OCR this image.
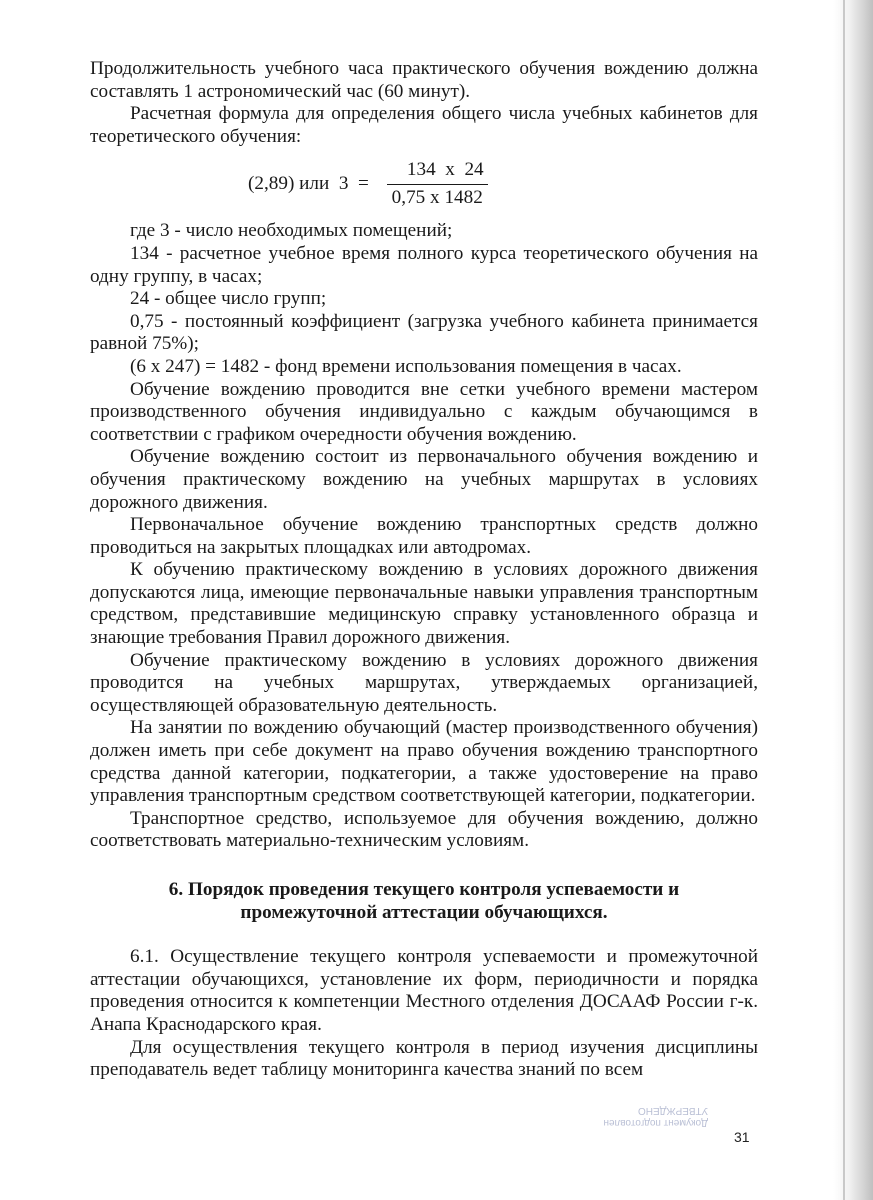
Продолжительность учебного часа практического обучения вождению должна составлять 1 астрономический час (60 минут).

Расчетная формула для определения общего числа учебных кабинетов для теоретического обучения:

(2,89) или  $3 = \frac{134 х 24}{0,75 х 1482}$

где 3 - число необходимых помещений;

134 - расчетное учебное время полного курса теоретического обучения на одну группу, в часах;

24 - общее число групп;

0,75 - постоянный коэффициент (загрузка учебного кабинета принимается равной 75%);

(6 х 247) = 1482 - фонд времени использования помещения в часах.

Обучение вождению проводится вне сетки учебного времени мастером производственного обучения индивидуально с каждым обучающимся в соответствии с графиком очередности обучения вождению.

Обучение вождению состоит из первоначального обучения вождению и обучения практическому вождению на учебных маршрутах в условиях дорожного движения.

Первоначальное обучение вождению транспортных средств должно проводиться на закрытых площадках или автодромах.

К обучению практическому вождению в условиях дорожного движения допускаются лица, имеющие первоначальные навыки управления транспортным средством, представившие медицинскую справку установленного образца и знающие требования Правил дорожного движения.

Обучение практическому вождению в условиях дорожного движения проводится на учебных маршрутах, утверждаемых организацией, осуществляющей образовательную деятельность.

На занятии по вождению обучающий (мастер производственного обучения) должен иметь при себе документ на право обучения вождению транспортного средства данной категории, подкатегории, а также удостоверение на право управления транспортным средством соответствующей категории, подкатегории.

Транспортное средство, используемое для обучения вождению, должно соответствовать материально-техническим условиям.

6. Порядок проведения текущего контроля успеваемости и промежуточной аттестации обучающихся.

6.1. Осуществление текущего контроля успеваемости и промежуточной аттестации обучающихся, установление их форм, периодичности и порядка проведения относится к компетенции Местного отделения ДОСААФ России г-к. Анапа Краснодарского края.

Для осуществления текущего контроля в период изучения дисциплины преподаватель ведет таблицу мониторинга качества знаний по всем

Документ подготовлен
УТВЕРЖДЕНО
31
